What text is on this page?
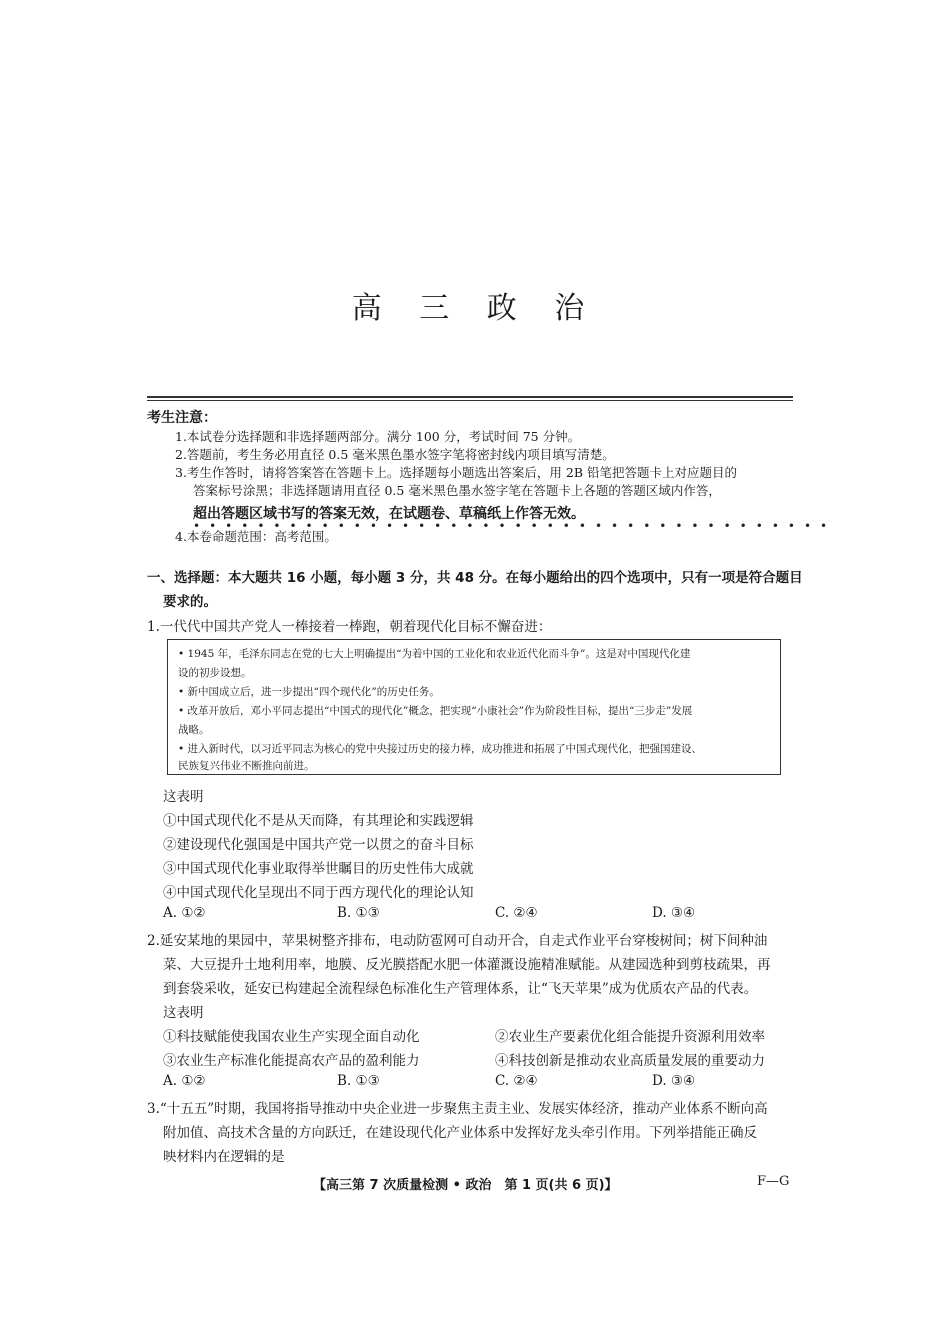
高 三 政 治
考生注意：
1.本试卷分选择题和非选择题两部分。满分 100 分，考试时间 75 分钟。
2.答题前，考生务必用直径 0.5 毫米黑色墨水签字笔将密封线内项目填写清楚。
3.考生作答时，请将答案答在答题卡上。选择题每小题选出答案后，用 2B 铅笔把答题卡上对应题目的
答案标号涂黑；非选择题请用直径 0.5 毫米黑色墨水签字笔在答题卡上各题的答题区域内作答，
超出答题区域书写的答案无效，在试题卷、草稿纸上作答无效。
••••••••••••••••••••••••••••••••••••••••
4.本卷命题范围：高考范围。
一、选择题：本大题共 16 小题，每小题 3 分，共 48 分。在每小题给出的四个选项中，只有一项是符合题目
要求的。
1.一代代中国共产党人一棒接着一棒跑，朝着现代化目标不懈奋进：
• 1945 年，毛泽东同志在党的七大上明确提出“为着中国的工业化和农业近代化而斗争”。这是对中国现代化建
设的初步设想。
• 新中国成立后，进一步提出“四个现代化”的历史任务。
• 改革开放后，邓小平同志提出“中国式的现代化”概念，把实现“小康社会”作为阶段性目标，提出“三步走”发展
战略。
• 进入新时代，以习近平同志为核心的党中央接过历史的接力棒，成功推进和拓展了中国式现代化，把强国建设、
民族复兴伟业不断推向前进。
这表明
①中国式现代化不是从天而降，有其理论和实践逻辑
②建设现代化强国是中国共产党一以贯之的奋斗目标
③中国式现代化事业取得举世瞩目的历史性伟大成就
④中国式现代化呈现出不同于西方现代化的理论认知
A. ①②	B. ①③	C. ②④	D. ③④
2.延安某地的果园中，苹果树整齐排布，电动防雹网可自动开合，自走式作业平台穿梭树间；树下间种油
菜、大豆提升土地利用率，地膜、反光膜搭配水肥一体灌溉设施精准赋能。从建园选种到剪枝疏果，再
到套袋采收，延安已构建起全流程绿色标准化生产管理体系，让“飞天苹果”成为优质农产品的代表。
这表明
①科技赋能使我国农业生产实现全面自动化	②农业生产要素优化组合能提升资源利用效率
③农业生产标准化能提高农产品的盈利能力	④科技创新是推动农业高质量发展的重要动力
A. ①②	B. ①③	C. ②④	D. ③④
3.“十五五”时期，我国将指导推动中央企业进一步聚焦主责主业、发展实体经济，推动产业体系不断向高
附加值、高技术含量的方向跃迁，在建设现代化产业体系中发挥好龙头牵引作用。下列举措能正确反
映材料内在逻辑的是
【高三第 7 次质量检测 • 政治　第 1 页(共 6 页)】	F—G
